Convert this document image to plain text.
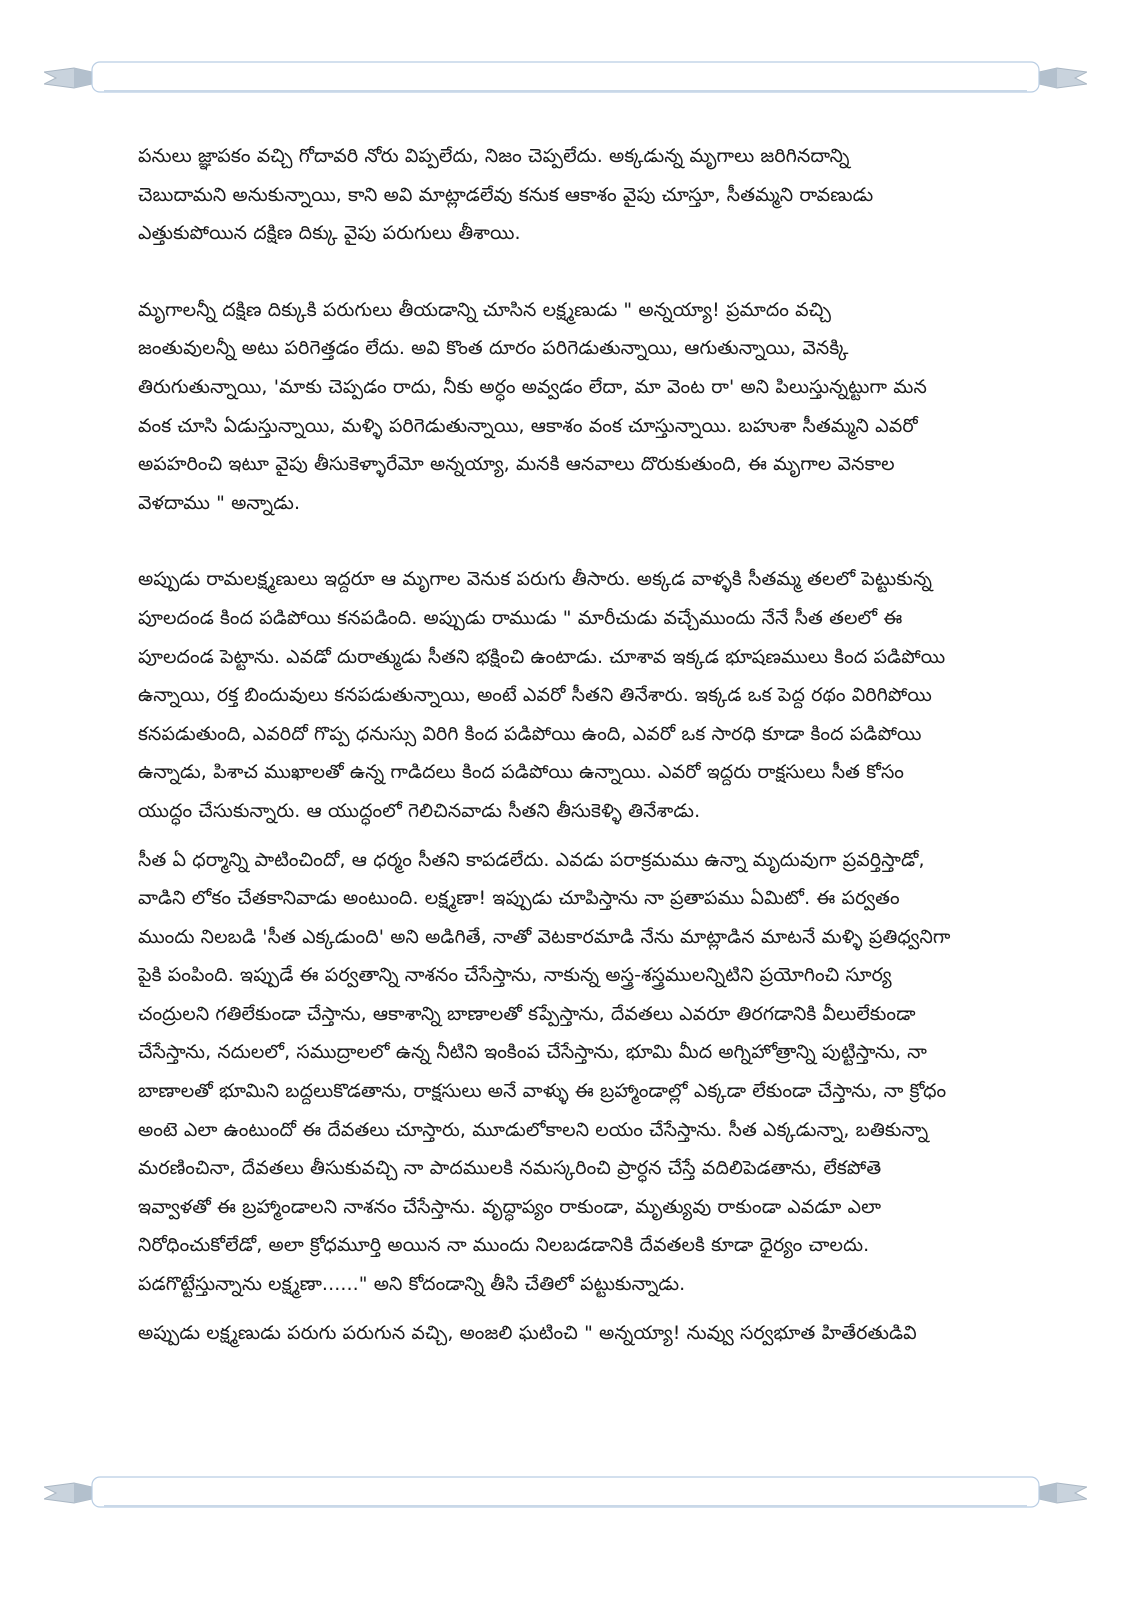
పనులు జ్ఞాపకం వచ్చి గోదావరి నోరు విప్పలేదు, నిజం చెప్పలేదు. అక్కడున్న మృగాలు జరిగినదాన్ని
చెబుదామని అనుకున్నాయి, కాని అవి మాట్లాడలేవు కనుక ఆకాశం వైపు చూస్తూ, సీతమ్మని రావణుడు
ఎత్తుకుపోయిన దక్షిణ దిక్కు వైపు పరుగులు తీశాయి.

మృగాలన్నీ దక్షిణ దిక్కుకి పరుగులు తీయడాన్ని చూసిన లక్ష్మణుడు " అన్నయ్యా! ప్రమాదం వచ్చి
జంతువులన్నీ అటు పరిగెత్తడం లేదు. అవి కొంత దూరం పరిగెడుతున్నాయి, ఆగుతున్నాయి, వెనక్కి
తిరుగుతున్నాయి, 'మాకు చెప్పడం రాదు, నీకు అర్ధం అవ్వడం లేదా, మా వెంట రా' అని పిలుస్తున్నట్టుగా మన
వంక చూసి ఏడుస్తున్నాయి, మళ్ళి పరిగెడుతున్నాయి, ఆకాశం వంక చూస్తున్నాయి. బహుశా సీతమ్మని ఎవరో
అపహరించి ఇటూ వైపు తీసుకెళ్ళారేమో అన్నయ్యా, మనకి ఆనవాలు దొరుకుతుంది, ఈ మృగాల వెనకాల
వెళదాము " అన్నాడు.

అప్పుడు రామలక్ష్మణులు ఇద్దరూ ఆ మృగాల వెనుక పరుగు తీసారు. అక్కడ వాళ్ళకి సీతమ్మ తలలో పెట్టుకున్న
పూలదండ కింద పడిపోయి కనపడింది. అప్పుడు రాముడు " మారీచుడు వచ్చేముందు నేనే సీత తలలో ఈ
పూలదండ పెట్టాను. ఎవడో దురాత్ముడు సీతని భక్షించి ఉంటాడు. చూశావ ఇక్కడ భూషణములు కింద పడిపోయి
ఉన్నాయి, రక్త బిందువులు కనపడుతున్నాయి, అంటే ఎవరో సీతని తినేశారు. ఇక్కడ ఒక పెద్ద రథం విరిగిపోయి
కనపడుతుంది, ఎవరిదో గొప్ప ధనుస్సు విరిగి కింద పడిపోయి ఉంది, ఎవరో ఒక సారధి కూడా కింద పడిపోయి
ఉన్నాడు, పిశాచ ముఖాలతో ఉన్న గాడిదలు కింద పడిపోయి ఉన్నాయి. ఎవరో ఇద్దరు రాక్షసులు సీత కోసం
యుద్ధం చేసుకున్నారు. ఆ యుద్ధంలో గెలిచినవాడు సీతని తీసుకెళ్ళి తినేశాడు.

సీత ఏ ధర్మాన్ని పాటించిందో, ఆ ధర్మం సీతని కాపడలేదు. ఎవడు పరాక్రమము ఉన్నా మృదువుగా ప్రవర్తిస్తాడో,
వాడిని లోకం చేతకానివాడు అంటుంది. లక్ష్మణా! ఇప్పుడు చూపిస్తాను నా ప్రతాపము ఏమిటో. ఈ పర్వతం
ముందు నిలబడి 'సీత ఎక్కడుంది' అని అడిగితే, నాతో వెటకారమాడి నేను మాట్లాడిన మాటనే మళ్ళి ప్రతిధ్వనిగా
పైకి పంపింది. ఇప్పుడే ఈ పర్వతాన్ని నాశనం చేసేస్తాను, నాకున్న అస్త్ర-శస్త్రములన్నిటిని ప్రయోగించి సూర్య
చంద్రులని గతిలేకుండా చేస్తాను, ఆకాశాన్ని బాణాలతో కప్పేస్తాను, దేవతలు ఎవరూ తిరగడానికి వీలులేకుండా
చేసేస్తాను, నదులలో, సముద్రాలలో ఉన్న నీటిని ఇంకింప చేసేస్తాను, భూమి మీద అగ్నిహోత్రాన్ని పుట్టిస్తాను, నా
బాణాలతో భూమిని బద్దలుకొడతాను, రాక్షసులు అనే వాళ్ళు ఈ బ్రహ్మాండాల్లో ఎక్కడా లేకుండా చేస్తాను, నా క్రోధం
అంటె ఎలా ఉంటుందో ఈ దేవతలు చూస్తారు, మూడులోకాలని లయం చేసేస్తాను. సీత ఎక్కడున్నా, బతికున్నా
మరణించినా, దేవతలు తీసుకువచ్చి నా పాదములకి నమస్కరించి ప్రార్ధన చేస్తే వదిలిపెడతాను, లేకపోతె
ఇవ్వాళతో ఈ బ్రహ్మాండాలని నాశనం చేసేస్తాను. వృద్ధాప్యం రాకుండా, మృత్యువు రాకుండా ఎవడూ ఎలా
నిరోధించుకోలేడో, అలా క్రోధమూర్తి అయిన నా ముందు నిలబడడానికి దేవతలకి కూడా ధైర్యం చాలదు.
పడగొట్టేస్తున్నాను లక్ష్మణా......" అని కోదండాన్ని తీసి చేతిలో పట్టుకున్నాడు.

అప్పుడు లక్ష్మణుడు పరుగు పరుగున వచ్చి, అంజలి ఘటించి " అన్నయ్యా! నువ్వు సర్వభూత హితేరతుడివి
